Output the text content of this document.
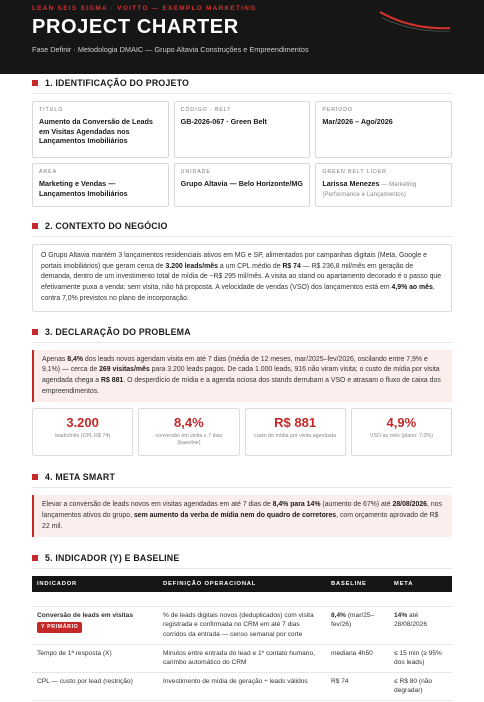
LEAN SEIS SIGMA · VOITTO — EXEMPLO MARKETING
PROJECT CHARTER
Fase Definir · Metodologia DMAIC — Grupo Altavia Construções e Empreendimentos
1. IDENTIFICAÇÃO DO PROJETO
TÍTULO
Aumento da Conversão de Leads em Visitas Agendadas nos Lançamentos Imobiliários
CÓDIGO · BELT
GB-2026-067 · Green Belt
PERÍODO
Mar/2026 – Ago/2026
ÁREA
Marketing e Vendas — Lançamentos Imobiliários
UNIDADE
Grupo Altavia — Belo Horizonte/MG
GREEN BELT LÍDER
Larissa Menezes — Marketing (Performance e Lançamentos)
2. CONTEXTO DO NEGÓCIO
O Grupo Altavia mantém 3 lançamentos residenciais ativos em MG e SP, alimentados por campanhas digitais (Meta, Google e portais imobiliários) que geram cerca de 3.200 leads/mês a um CPL médio de R$ 74 — R$ 236,8 mil/mês em geração de demanda, dentro de um investimento total de mídia de ~R$ 295 mil/mês. A visita ao stand ou apartamento decorado é o passo que efetivamente puxa a venda: sem visita, não há proposta. A velocidade de vendas (VSO) dos lançamentos está em 4,9% ao mês, contra 7,0% previstos no plano de incorporação.
3. DECLARAÇÃO DO PROBLEMA
Apenas 8,4% dos leads novos agendam visita em até 7 dias (média de 12 meses, mar/2025–fev/2026, oscilando entre 7,9% e 9,1%) — cerca de 269 visitas/mês para 3.200 leads pagos. De cada 1.000 leads, 916 não viram visita; o custo de mídia por visita agendada chega a R$ 881. O desperdício de mídia e a agenda ociosa dos stands derrubam a VSO e atrasam o fluxo de caixa dos empreendimentos.
3.200
leads/mês (CPL R$ 74)
8,4%
conversão em visita ≤ 7 dias (baseline)
R$ 881
custo de mídia por visita agendada
4,9%
VSO ao mês (plano: 7,0%)
4. META SMART
Elevar a conversão de leads novos em visitas agendadas em até 7 dias de 8,4% para 14% (aumento de 67%) até 28/08/2026, nos lançamentos ativos do grupo, sem aumento da verba de mídia nem do quadro de corretores, com orçamento aprovado de R$ 22 mil.
5. INDICADOR (Y) E BASELINE
INDICADOR	DEFINIÇÃO OPERACIONAL	BASELINE	META

Conversão de leads em visitas
Y PRIMÁRIO	% de leads digitais novos (deduplicados) com visita registrada e confirmada no CRM em até 7 dias corridos da entrada — censo semanal por corte	8,4% (mar/25–fev/26)	14% até 28/08/2026
Tempo de 1ª resposta (X)	Minutos entre entrada do lead e 1º contato humano, carimbo automático do CRM	mediana 4h50	≤ 15 min (≥ 95% dos leads)
CPL — custo por lead (restrição)	Investimento de mídia de geração ÷ leads válidos	R$ 74	≤ R$ 80 (não degradar)
